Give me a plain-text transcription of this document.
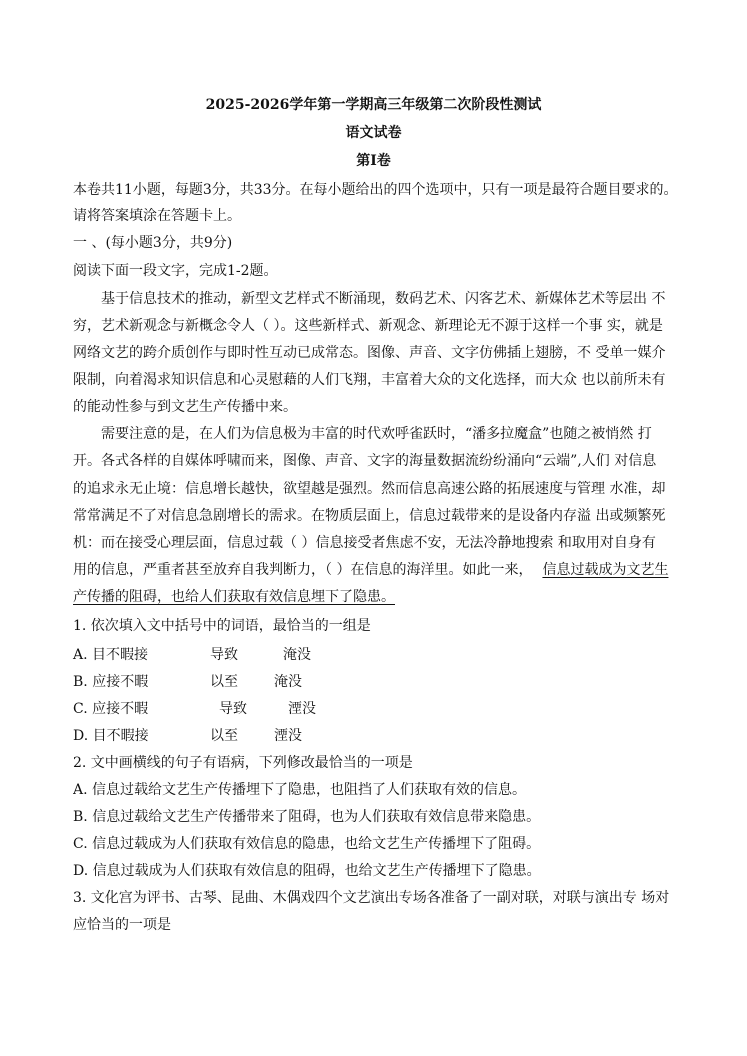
2025-2026学年第一学期高三年级第二次阶段性测试
语文试卷
第Ⅰ卷
本卷共11小题，每题3分，共33分。在每小题给出的四个选项中，只有一项是最符合题目要求的。
请将答案填涂在答题卡上。
一 、(每小题3分，共9分)
阅读下面一段文字，完成1-2题。
基于信息技术的推动，新型文艺样式不断涌现，数码艺术、闪客艺术、新媒体艺术等层出 不
穷，艺术新观念与新概念令人（ ）。这些新样式、新观念、新理论无不源于这样一个事 实，就是
网络文艺的跨介质创作与即时性互动已成常态。图像、声音、文字仿佛插上翅膀，不 受单一媒介
限制，向着渴求知识信息和心灵慰藉的人们飞翔，丰富着大众的文化选择，而大众 也以前所未有
的能动性参与到文艺生产传播中来。
需要注意的是，在人们为信息极为丰富的时代欢呼雀跃时，“潘多拉魔盒”也随之被悄然 打
开。各式各样的自媒体呼啸而来，图像、声音、文字的海量数据流纷纷涌向“云端”,人们 对信息
的追求永无止境：信息增长越快，欲望越是强烈。然而信息高速公路的拓展速度与管理 水准，却
常常满足不了对信息急剧增长的需求。在物质层面上，信息过载带来的是设备内存溢 出或频繁死
机：而在接受心理层面，信息过载（ ）信息接受者焦虑不安，无法冷静地搜索 和取用对自身有
用的信息，严重者甚至放弃自我判断力，（ ）在信息的海洋里。如此一来， 信息过载成为文艺生
产传播的阻碍，也给人们获取有效信息埋下了隐患。
1. 依次填入文中括号中的词语，最恰当的一组是
A. 目不暇接	导致	淹没
B. 应接不暇	以至	淹没
C. 应接不暇	导致	湮没
D. 目不暇接	以至	湮没
2. 文中画横线的句子有语病，下列修改最恰当的一项是
A. 信息过载给文艺生产传播埋下了隐患，也阻挡了人们获取有效的信息。
B. 信息过载给文艺生产传播带来了阻碍，也为人们获取有效信息带来隐患。
C. 信息过载成为人们获取有效信息的隐患，也给文艺生产传播埋下了阻碍。
D. 信息过载成为人们获取有效信息的阻碍，也给文艺生产传播埋下了隐患。
3. 文化宫为评书、古琴、昆曲、木偶戏四个文艺演出专场各准备了一副对联，对联与演出专 场对
应恰当的一项是
